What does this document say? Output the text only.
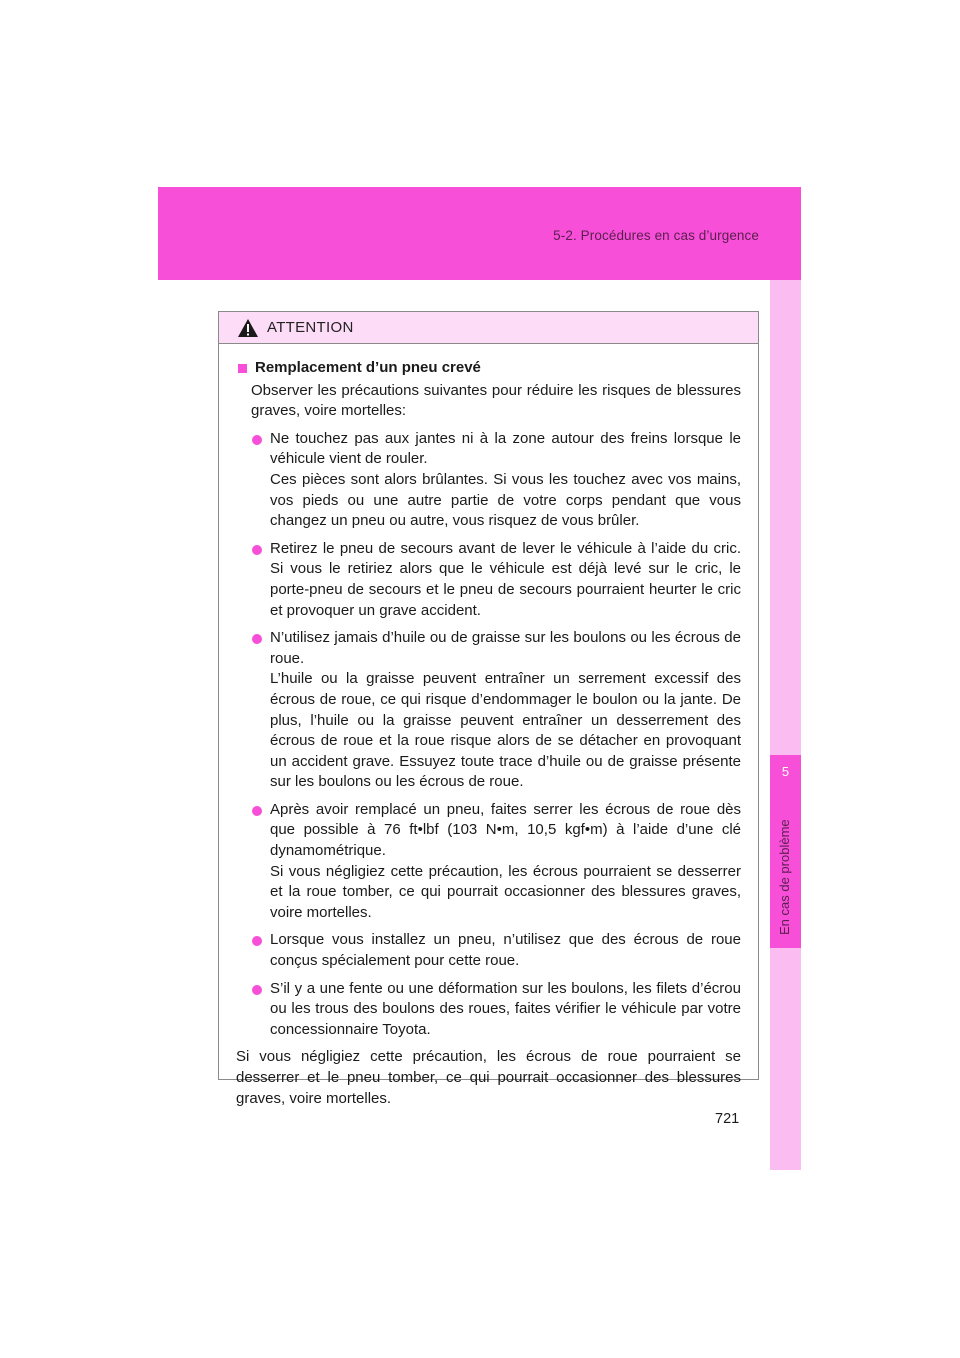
5-2. Procédures en cas d’urgence
5
En cas de problème
ATTENTION
Remplacement d’un pneu crevé

Observer les précautions suivantes pour réduire les risques de blessures graves, voire mortelles:

Ne touchez pas aux jantes ni à la zone autour des freins lorsque le véhicule vient de rouler.

Ces pièces sont alors brûlantes. Si vous les touchez avec vos mains, vos pieds ou une autre partie de votre corps pendant que vous changez un pneu ou autre, vous risquez de vous brûler.

Retirez le pneu de secours avant de lever le véhicule à l’aide du cric. Si vous le retiriez alors que le véhicule est déjà levé sur le cric, le porte-pneu de secours et le pneu de secours pourraient heurter le cric et provoquer un grave accident.

N’utilisez jamais d’huile ou de graisse sur les boulons ou les écrous de roue.

L’huile ou la graisse peuvent entraîner un serrement excessif des écrous de roue, ce qui risque d’endommager le boulon ou la jante. De plus, l’huile ou la graisse peuvent entraîner un desserrement des écrous de roue et la roue risque alors de se détacher en provoquant un accident grave. Essuyez toute trace d’huile ou de graisse présente sur les boulons ou les écrous de roue.

Après avoir remplacé un pneu, faites serrer les écrous de roue dès que possible à 76 ft•lbf (103 N•m, 10,5 kgf•m) à l’aide d’une clé dynamométrique.

Si vous négligiez cette précaution, les écrous pourraient se desserrer et la roue tomber, ce qui pourrait occasionner des blessures graves, voire mortelles.

Lorsque vous installez un pneu, n’utilisez que des écrous de roue conçus spécialement pour cette roue.

S’il y a une fente ou une déformation sur les boulons, les filets d’écrou ou les trous des boulons des roues, faites vérifier le véhicule par votre concessionnaire Toyota.

Si vous négligiez cette précaution, les écrous de roue pourraient se desserrer et le pneu tomber, ce qui pourrait occasionner des blessures graves, voire mortelles.

721
